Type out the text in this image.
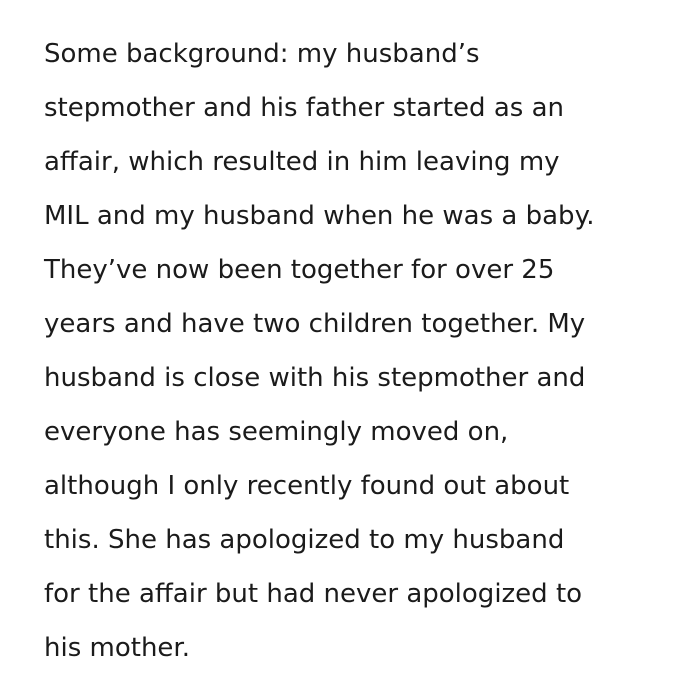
Some background: my husband’s
stepmother and his father started as an
affair, which resulted in him leaving my
MIL and my husband when he was a baby.
They’ve now been together for over 25
years and have two children together. My
husband is close with his stepmother and
everyone has seemingly moved on,
although I only recently found out about
this. She has apologized to my husband
for the affair but had never apologized to
his mother.
